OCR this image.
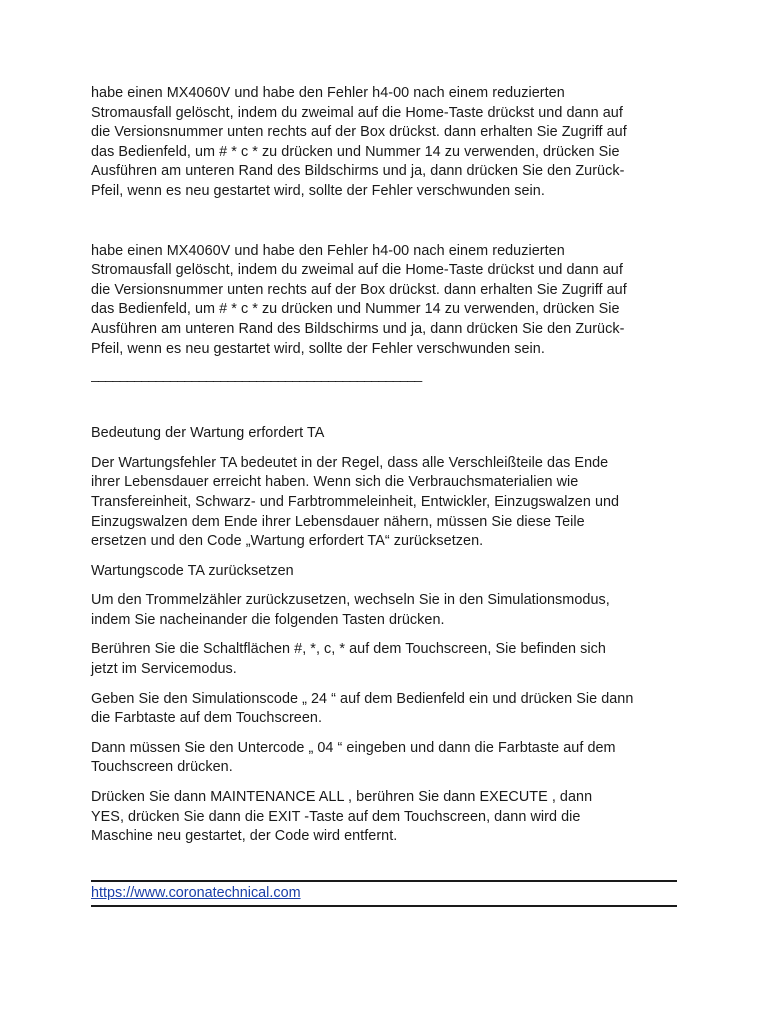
habe einen MX4060V und habe den Fehler h4-00 nach einem reduzierten
Stromausfall gelöscht, indem du zweimal auf die Home-Taste drückst und dann auf
die Versionsnummer unten rechts auf der Box drückst. dann erhalten Sie Zugriff auf
das Bedienfeld, um # * c * zu drücken und Nummer 14 zu verwenden, drücken Sie
Ausführen am unteren Rand des Bildschirms und ja, dann drücken Sie den Zurück-
Pfeil, wenn es neu gestartet wird, sollte der Fehler verschwunden sein.

habe einen MX4060V und habe den Fehler h4-00 nach einem reduzierten
Stromausfall gelöscht, indem du zweimal auf die Home-Taste drückst und dann auf
die Versionsnummer unten rechts auf der Box drückst. dann erhalten Sie Zugriff auf
das Bedienfeld, um # * c * zu drücken und Nummer 14 zu verwenden, drücken Sie
Ausführen am unteren Rand des Bildschirms und ja, dann drücken Sie den Zurück-
Pfeil, wenn es neu gestartet wird, sollte der Fehler verschwunden sein.

______________________________________________

Bedeutung der Wartung erfordert TA

Der Wartungsfehler TA bedeutet in der Regel, dass alle Verschleißteile das Ende
ihrer Lebensdauer erreicht haben. Wenn sich die Verbrauchsmaterialien wie
Transfereinheit, Schwarz- und Farbtrommeleinheit, Entwickler, Einzugswalzen und
Einzugswalzen dem Ende ihrer Lebensdauer nähern, müssen Sie diese Teile
ersetzen und den Code „Wartung erfordert TA“ zurücksetzen.

Wartungscode TA zurücksetzen

Um den Trommelzähler zurückzusetzen, wechseln Sie in den Simulationsmodus,
indem Sie nacheinander die folgenden Tasten drücken.

Berühren Sie die Schaltflächen #, *, c, * auf dem Touchscreen, Sie befinden sich
jetzt im Servicemodus.

Geben Sie den Simulationscode „ 24 “ auf dem Bedienfeld ein und drücken Sie dann
die Farbtaste auf dem Touchscreen.

Dann müssen Sie den Untercode „ 04 “ eingeben und dann die Farbtaste auf dem
Touchscreen drücken.

Drücken Sie dann MAINTENANCE ALL , berühren Sie dann EXECUTE , dann
YES, drücken Sie dann die EXIT -Taste auf dem Touchscreen, dann wird die
Maschine neu gestartet, der Code wird entfernt.

https://www.coronatechnical.com
